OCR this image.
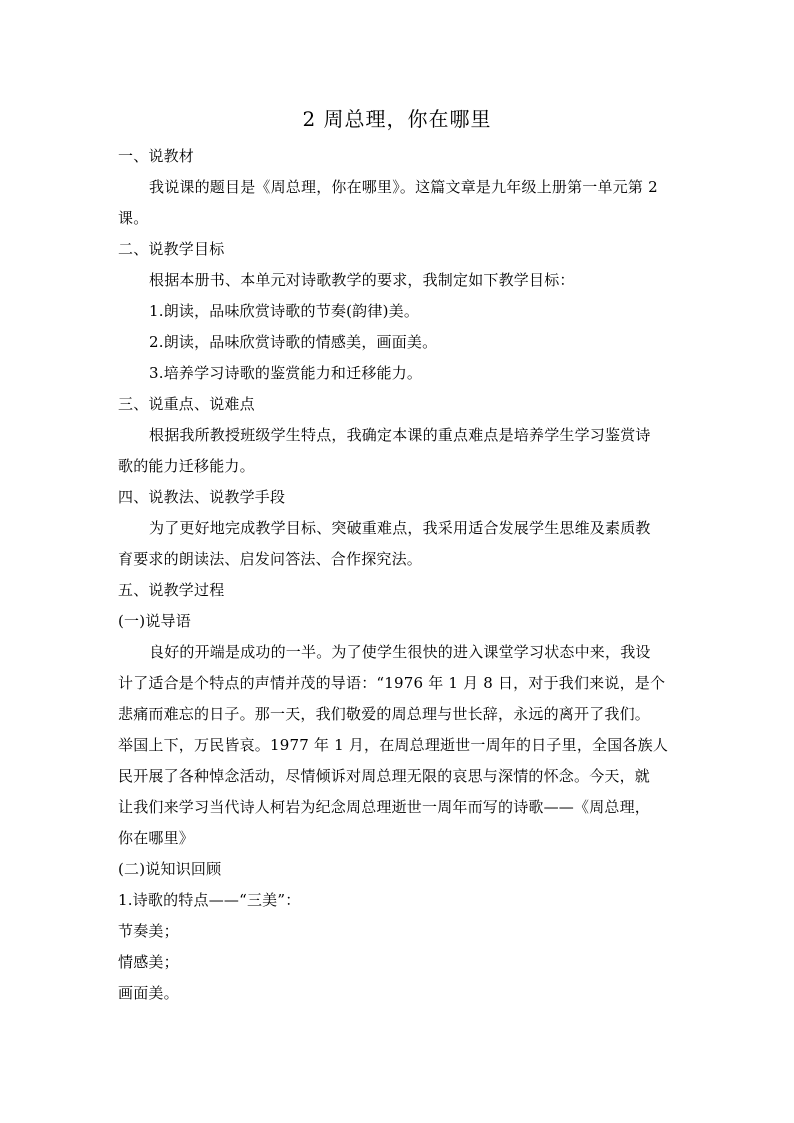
2 周总理，你在哪里
一、说教材
我说课的题目是《周总理，你在哪里》。这篇文章是九年级上册第一单元第 2
课。
二、说教学目标
根据本册书、本单元对诗歌教学的要求，我制定如下教学目标：
1.朗读，品味欣赏诗歌的节奏(韵律)美。
2.朗读，品味欣赏诗歌的情感美，画面美。
3.培养学习诗歌的鉴赏能力和迁移能力。
三、说重点、说难点
根据我所教授班级学生特点，我确定本课的重点难点是培养学生学习鉴赏诗
歌的能力迁移能力。
四、说教法、说教学手段
为了更好地完成教学目标、突破重难点，我采用适合发展学生思维及素质教
育要求的朗读法、启发问答法、合作探究法。
五、说教学过程
(一)说导语
良好的开端是成功的一半。为了使学生很快的进入课堂学习状态中来，我设
计了适合是个特点的声情并茂的导语：“1976 年 1 月 8 日，对于我们来说，是个
悲痛而难忘的日子。那一天，我们敬爱的周总理与世长辞，永远的离开了我们。
举国上下，万民皆哀。1977 年 1 月，在周总理逝世一周年的日子里，全国各族人
民开展了各种悼念活动，尽情倾诉对周总理无限的哀思与深情的怀念。今天，就
让我们来学习当代诗人柯岩为纪念周总理逝世一周年而写的诗歌——《周总理，
你在哪里》
(二)说知识回顾
1.诗歌的特点——“三美”：
节奏美；
情感美；
画面美。
